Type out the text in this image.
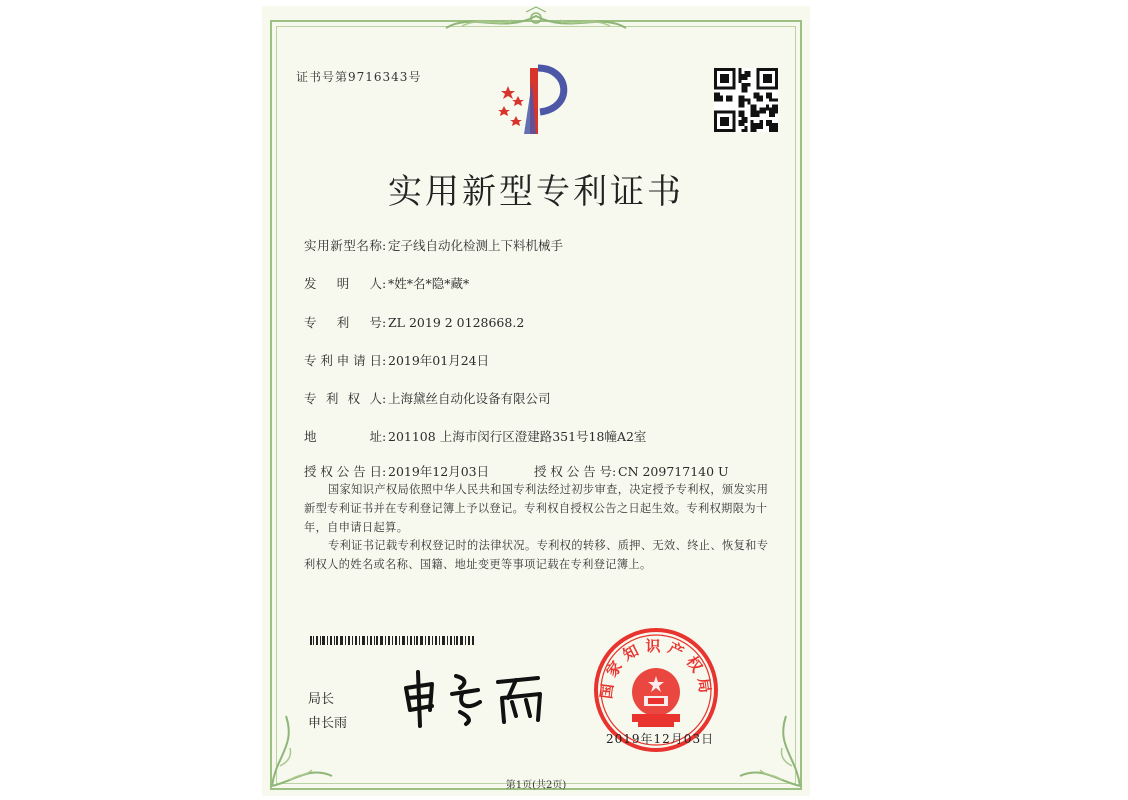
证书号第9716343号
实用新型专利证书
实用新型名称: 定子线自动化检测上下料机械手
发明人: *姓*名*隐*藏*
专利号: ZL 2019 2 0128668.2
专利申请日: 2019年01月24日
专利权人: 上海黛丝自动化设备有限公司
地址: 201108 上海市闵行区澄建路351号18幢A2室
授权公告日: 2019年12月03日	授权公告号: CN 209717140 U
国家知识产权局依照中华人民共和国专利法经过初步审查，决定授予专利权，颁发实用新型专利证书并在专利登记簿上予以登记。专利权自授权公告之日起生效。专利权期限为十年，自申请日起算。
专利证书记载专利权登记时的法律状况。专利权的转移、质押、无效、终止、恢复和专利权人的姓名或名称、国籍、地址变更等事项记载在专利登记簿上。
局长
申长雨
国家知识产权局
2019年12月03日
第1页(共2页)
